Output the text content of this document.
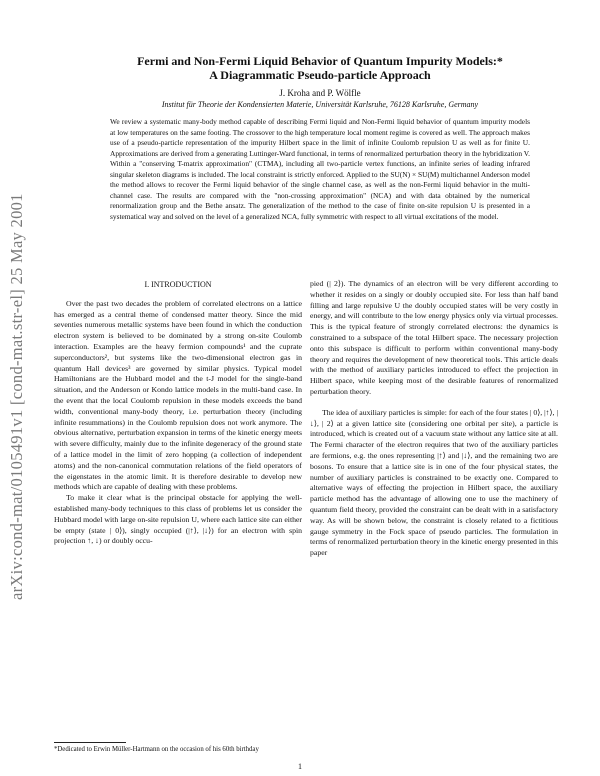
arXiv:cond-mat/0105491v1 [cond-mat.str-el] 25 May 2001
Fermi and Non-Fermi Liquid Behavior of Quantum Impurity Models:*
A Diagrammatic Pseudo-particle Approach
J. Kroha and P. Wölfle
Institut für Theorie der Kondensierten Materie, Universität Karlsruhe, 76128 Karlsruhe, Germany

We review a systematic many-body method capable of describing Fermi liquid and Non-Fermi liquid behavior of quantum impurity models at low temperatures on the same footing. The crossover to the high temperature local moment regime is covered as well. The approach makes use of a pseudo-particle representation of the impurity Hilbert space in the limit of infinite Coulomb repulsion U as well as for finite U. Approximations are derived from a generating Luttinger-Ward functional, in terms of renormalized perturbation theory in the hybridization V. Within a "conserving T-matrix approximation" (CTMA), including all two-particle vertex functions, an infinite series of leading infrared singular skeleton diagrams is included. The local constraint is strictly enforced. Applied to the SU(N) × SU(M) multichannel Anderson model the method allows to recover the Fermi liquid behavior of the single channel case, as well as the non-Fermi liquid behavior in the multi-channel case. The results are compared with the "non-crossing approximation" (NCA) and with data obtained by the numerical renormalization group and the Bethe ansatz. The generalization of the method to the case of finite on-site repulsion U is presented in a systematical way and solved on the level of a generalized NCA, fully symmetric with respect to all virtual excitations of the model.

I. INTRODUCTION

Over the past two decades the problem of correlated electrons on a lattice has emerged as a central theme of condensed matter theory. Since the mid seventies numerous metallic systems have been found in which the conduction electron system is believed to be dominated by a strong on-site Coulomb interaction. Examples are the heavy fermion compounds¹ and the cuprate superconductors², but systems like the two-dimensional electron gas in quantum Hall devices³ are governed by similar physics. Typical model Hamiltonians are the Hubbard model and the t-J model for the single-band situation, and the Anderson or Kondo lattice models in the multi-band case. In the event that the local Coulomb repulsion in these models exceeds the band width, conventional many-body theory, i.e. perturbation theory (including infinite resummations) in the Coulomb repulsion does not work anymore. The obvious alternative, perturbation expansion in terms of the kinetic energy meets with severe difficulty, mainly due to the infinite degeneracy of the ground state of a lattice model in the limit of zero hopping (a collection of independent atoms) and the non-canonical commutation relations of the field operators of the eigenstates in the atomic limit. It is therefore desirable to develop new methods which are capable of dealing with these problems.

To make it clear what is the principal obstacle for applying the well-established many-body techniques to this class of problems let us consider the Hubbard model with large on-site repulsion U, where each lattice site can either be empty (state | 0⟩), singly occupied (|↑⟩, |↓⟩) for an electron with spin projection ↑, ↓) or doubly occu-

pied (| 2⟩). The dynamics of an electron will be very different according to whether it resides on a singly or doubly occupied site. For less than half band filling and large repulsive U the doubly occupied states will be very costly in energy, and will contribute to the low energy physics only via virtual processes. This is the typical feature of strongly correlated electrons: the dynamics is constrained to a subspace of the total Hilbert space. The necessary projection onto this subspace is difficult to perform within conventional many-body theory and requires the development of new theoretical tools. This article deals with the method of auxiliary particles introduced to effect the projection in Hilbert space, while keeping most of the desirable features of renormalized perturbation theory.

The idea of auxiliary particles is simple: for each of the four states | 0⟩, |↑⟩, |↓⟩, | 2⟩ at a given lattice site (considering one orbital per site), a particle is introduced, which is created out of a vacuum state without any lattice site at all. The Fermi character of the electron requires that two of the auxiliary particles are fermions, e.g. the ones representing |↑⟩ and |↓⟩, and the remaining two are bosons. To ensure that a lattice site is in one of the four physical states, the number of auxiliary particles is constrained to be exactly one. Compared to alternative ways of effecting the projection in Hilbert space, the auxiliary particle method has the advantage of allowing one to use the machinery of quantum field theory, provided the constraint can be dealt with in a satisfactory way. As will be shown below, the constraint is closely related to a fictitious gauge symmetry in the Fock space of pseudo particles. The formulation in terms of renormalized perturbation theory in the kinetic energy presented in this paper

*Dedicated to Erwin Müller-Hartmann on the occasion of his 60th birthday
1
